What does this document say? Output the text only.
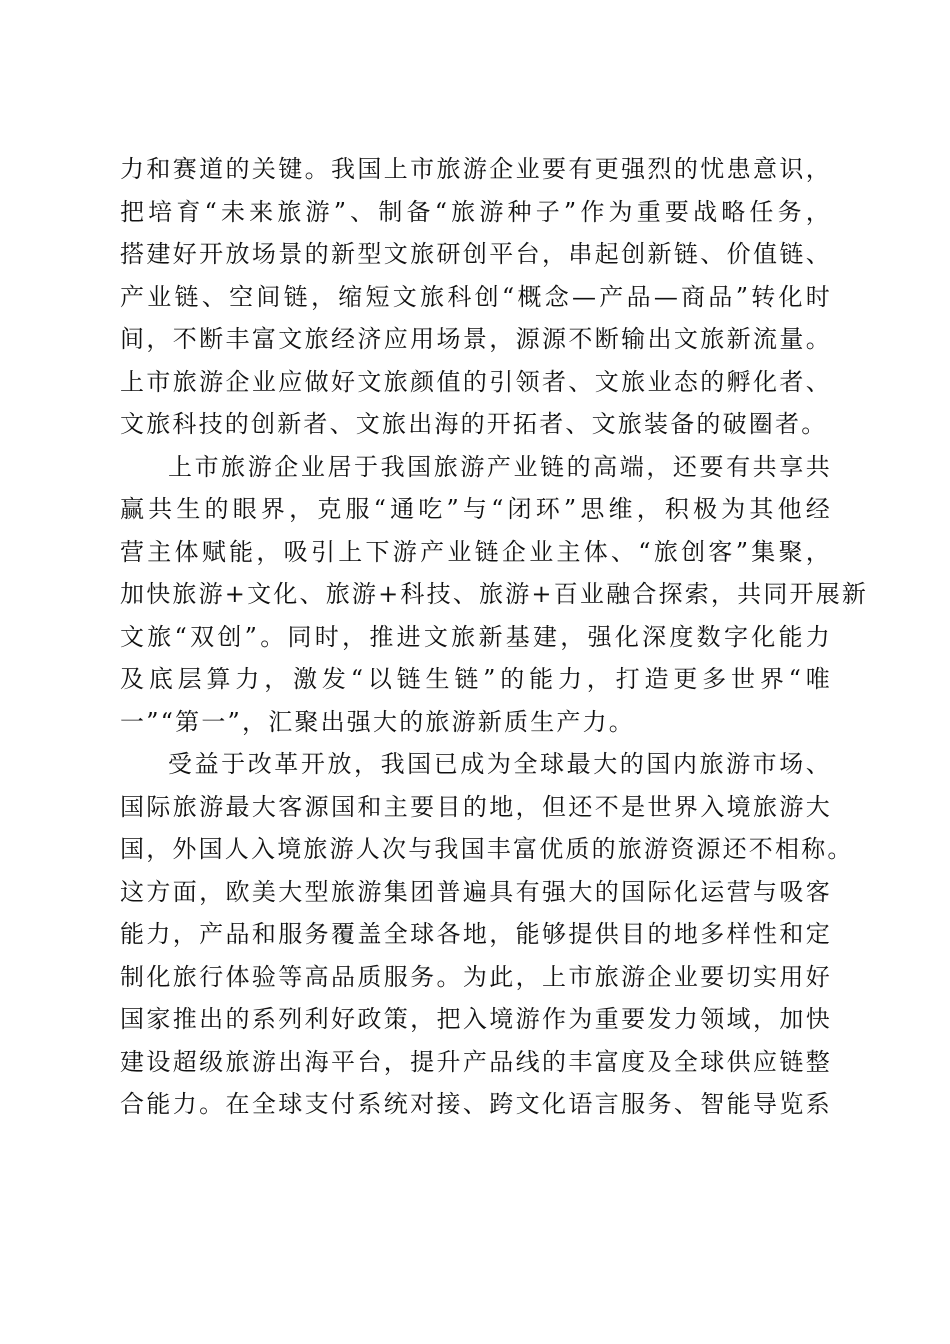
力和赛道的关键。我国上市旅游企业要有更强烈的忧患意识，
把培育“未来旅游”、制备“旅游种子”作为重要战略任务，
搭建好开放场景的新型文旅研创平台，串起创新链、价值链、
产业链、空间链，缩短文旅科创“概念—产品—商品”转化时
间，不断丰富文旅经济应用场景，源源不断输出文旅新流量。
上市旅游企业应做好文旅颜值的引领者、文旅业态的孵化者、
文旅科技的创新者、文旅出海的开拓者、文旅装备的破圈者。
上市旅游企业居于我国旅游产业链的高端，还要有共享共
赢共生的眼界，克服“通吃”与“闭环”思维，积极为其他经
营主体赋能，吸引上下游产业链企业主体、“旅创客”集聚，
加快旅游+文化、旅游+科技、旅游+百业融合探索，共同开展新
文旅“双创”。同时，推进文旅新基建，强化深度数字化能力
及底层算力，激发“以链生链”的能力，打造更多世界“唯
一”“第一”，汇聚出强大的旅游新质生产力。
受益于改革开放，我国已成为全球最大的国内旅游市场、
国际旅游最大客源国和主要目的地，但还不是世界入境旅游大
国，外国人入境旅游人次与我国丰富优质的旅游资源还不相称。
这方面，欧美大型旅游集团普遍具有强大的国际化运营与吸客
能力，产品和服务覆盖全球各地，能够提供目的地多样性和定
制化旅行体验等高品质服务。为此，上市旅游企业要切实用好
国家推出的系列利好政策，把入境游作为重要发力领域，加快
建设超级旅游出海平台，提升产品线的丰富度及全球供应链整
合能力。在全球支付系统对接、跨文化语言服务、智能导览系
